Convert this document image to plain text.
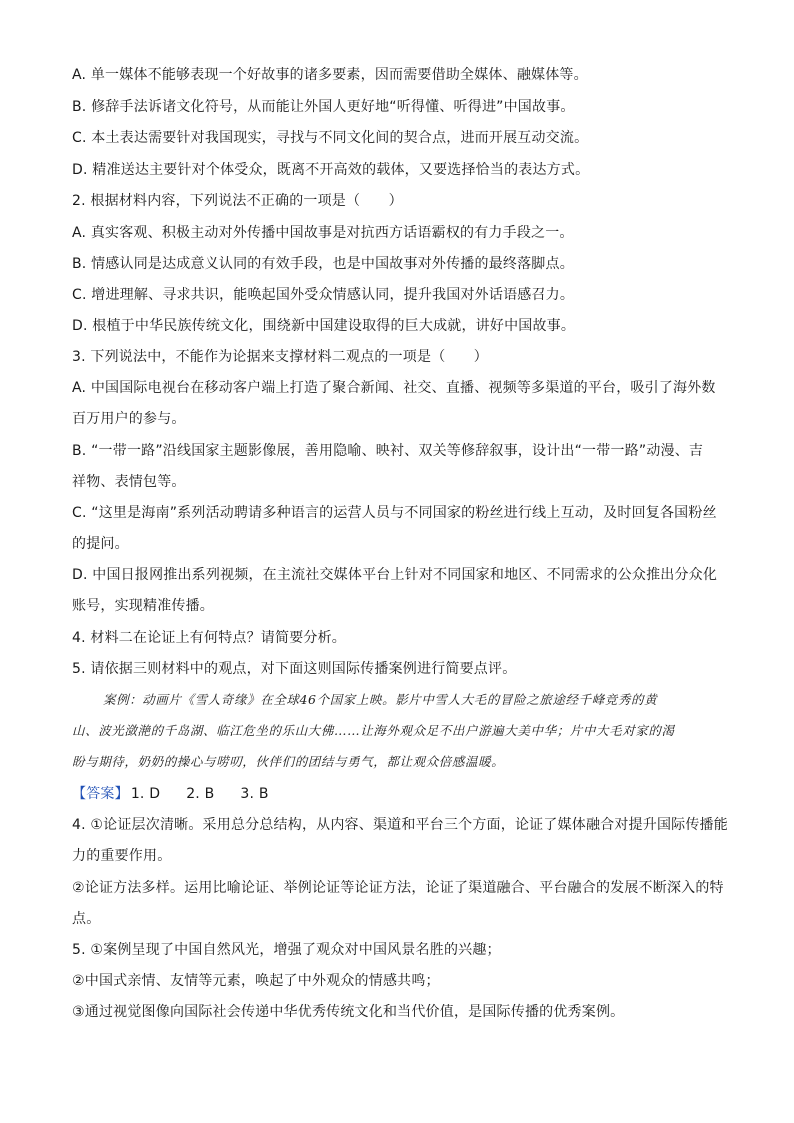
A. 单一媒体不能够表现一个好故事的诸多要素，因而需要借助全媒体、融媒体等。
B. 修辞手法诉诸文化符号，从而能让外国人更好地“听得懂、听得进”中国故事。
C. 本土表达需要针对我国现实，寻找与不同文化间的契合点，进而开展互动交流。
D. 精准送达主要针对个体受众，既离不开高效的载体，又要选择恰当的表达方式。
2. 根据材料内容，下列说法不正确的一项是（　　）
A. 真实客观、积极主动对外传播中国故事是对抗西方话语霸权的有力手段之一。
B. 情感认同是达成意义认同的有效手段，也是中国故事对外传播的最终落脚点。
C. 增进理解、寻求共识，能唤起国外受众情感认同，提升我国对外话语感召力。
D. 根植于中华民族传统文化，围绕新中国建设取得的巨大成就，讲好中国故事。
3. 下列说法中，不能作为论据来支撑材料二观点的一项是（　　）
A. 中国国际电视台在移动客户端上打造了聚合新闻、社交、直播、视频等多渠道的平台，吸引了海外数
百万用户的参与。
B. “一带一路”沿线国家主题影像展，善用隐喻、映衬、双关等修辞叙事，设计出“一带一路”动漫、吉
祥物、表情包等。
C. “这里是海南”系列活动聘请多种语言的运营人员与不同国家的粉丝进行线上互动，及时回复各国粉丝
的提问。
D. 中国日报网推出系列视频，在主流社交媒体平台上针对不同国家和地区、不同需求的公众推出分众化
账号，实现精准传播。
4. 材料二在论证上有何特点？请简要分析。
5. 请依据三则材料中的观点，对下面这则国际传播案例进行简要点评。
案例：动画片《雪人奇缘》在全球46个国家上映。影片中雪人大毛的冒险之旅途经千峰竞秀的黄
山、波光潋滟的千岛湖、临江危坐的乐山大佛……让海外观众足不出户游遍大美中华；片中大毛对家的渴
盼与期待，奶奶的操心与唠叨，伙伴们的团结与勇气，都让观众倍感温暖。
【答案】 1. D 2. B 3. B
4. ①论证层次清晰。采用总分总结构，从内容、渠道和平台三个方面，论证了媒体融合对提升国际传播能
力的重要作用。
②论证方法多样。运用比喻论证、举例论证等论证方法，论证了渠道融合、平台融合的发展不断深入的特
点。
5. ①案例呈现了中国自然风光，增强了观众对中国风景名胜的兴趣；
②中国式亲情、友情等元素，唤起了中外观众的情感共鸣；
③通过视觉图像向国际社会传递中华优秀传统文化和当代价值，是国际传播的优秀案例。
